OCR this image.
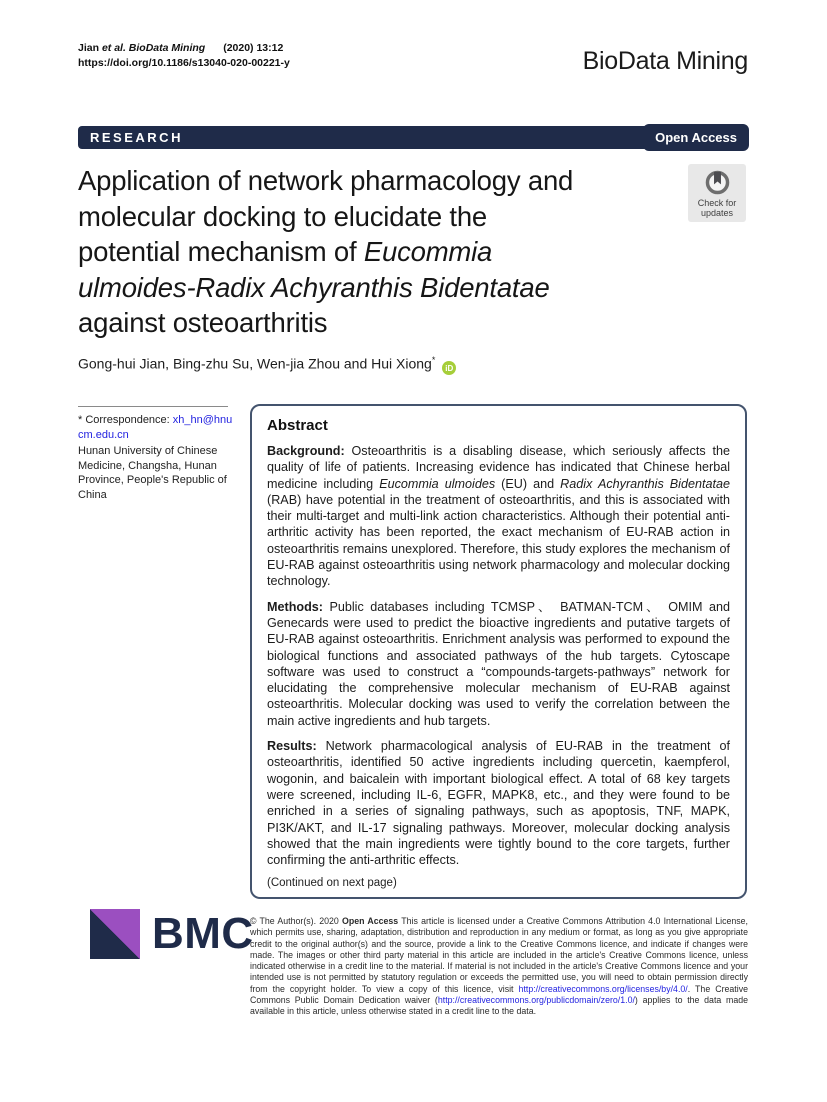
Jian et al. BioData Mining (2020) 13:12
https://doi.org/10.1186/s13040-020-00221-y	BioData Mining
RESEARCH	Open Access
Application of network pharmacology and
molecular docking to elucidate the
potential mechanism of Eucommia
ulmoides-Radix Achyranthis Bidentatae
against osteoarthritis
Check for
updates
Gong-hui Jian, Bing-zhu Su, Wen-jia Zhou and Hui Xiong* iD

* Correspondence: xh_hn@hnucm.edu.cn

Hunan University of Chinese Medicine, Changsha, Hunan Province, People's Republic of China

Abstract

Background: Osteoarthritis is a disabling disease, which seriously affects the quality of life of patients. Increasing evidence has indicated that Chinese herbal medicine including Eucommia ulmoides (EU) and Radix Achyranthis Bidentatae (RAB) have potential in the treatment of osteoarthritis, and this is associated with their multi-target and multi-link action characteristics. Although their potential anti-arthritic activity has been reported, the exact mechanism of EU-RAB action in osteoarthritis remains unexplored. Therefore, this study explores the mechanism of EU-RAB against osteoarthritis using network pharmacology and molecular docking technology.

Methods: Public databases including TCMSP、 BATMAN-TCM、 OMIM and Genecards were used to predict the bioactive ingredients and putative targets of EU-RAB against osteoarthritis. Enrichment analysis was performed to expound the biological functions and associated pathways of the hub targets. Cytoscape software was used to construct a “compounds-targets-pathways” network for elucidating the comprehensive molecular mechanism of EU-RAB against osteoarthritis. Molecular docking was used to verify the correlation between the main active ingredients and hub targets.

Results: Network pharmacological analysis of EU-RAB in the treatment of osteoarthritis, identified 50 active ingredients including quercetin, kaempferol, wogonin, and baicalein with important biological effect. A total of 68 key targets were screened, including IL-6, EGFR, MAPK8, etc., and they were found to be enriched in a series of signaling pathways, such as apoptosis, TNF, MAPK, PI3K/AKT, and IL-17 signaling pathways. Moreover, molecular docking analysis showed that the main ingredients were tightly bound to the core targets, further confirming the anti-arthritic effects.

(Continued on next page)

BMC

© The Author(s). 2020 Open Access This article is licensed under a Creative Commons Attribution 4.0 International License, which permits use, sharing, adaptation, distribution and reproduction in any medium or format, as long as you give appropriate credit to the original author(s) and the source, provide a link to the Creative Commons licence, and indicate if changes were made. The images or other third party material in this article are included in the article's Creative Commons licence, unless indicated otherwise in a credit line to the material. If material is not included in the article's Creative Commons licence and your intended use is not permitted by statutory regulation or exceeds the permitted use, you will need to obtain permission directly from the copyright holder. To view a copy of this licence, visit http://creativecommons.org/licenses/by/4.0/. The Creative Commons Public Domain Dedication waiver (http://creativecommons.org/publicdomain/zero/1.0/) applies to the data made available in this article, unless otherwise stated in a credit line to the data.
